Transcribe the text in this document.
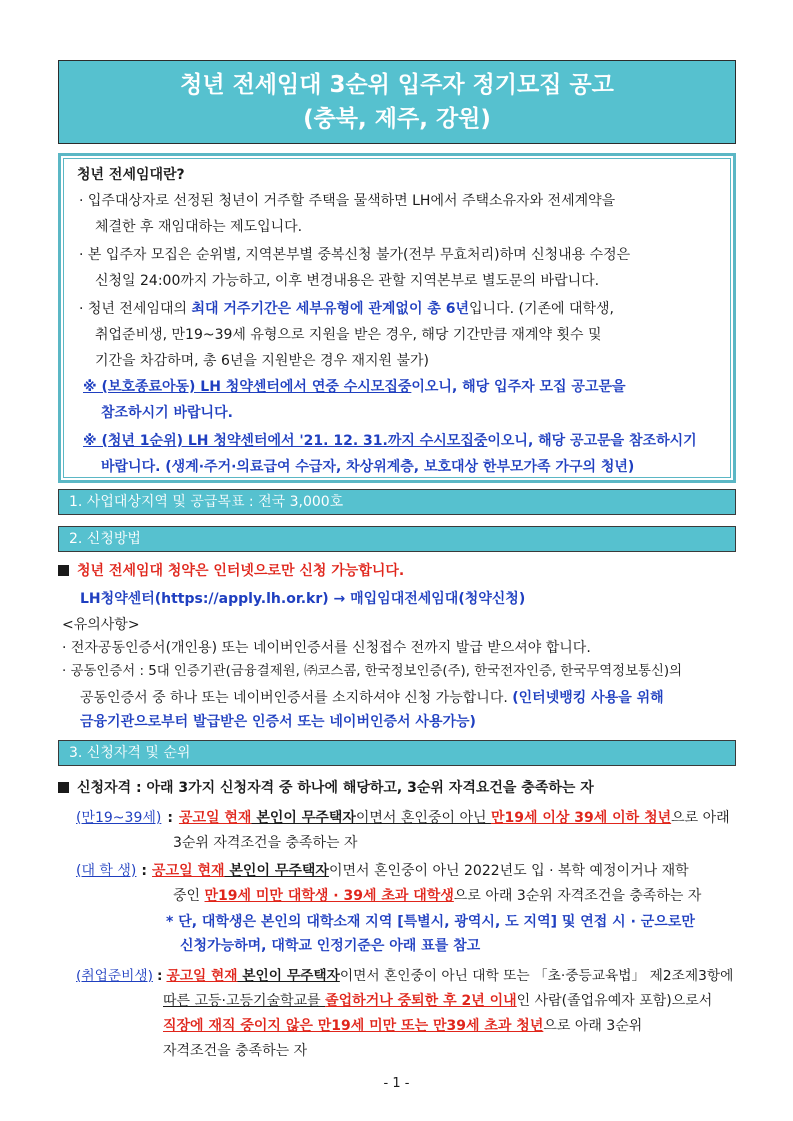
청년 전세임대 3순위 입주자 정기모집 공고
(충북, 제주, 강원)
청년 전세임대란?
· 입주대상자로 선정된 청년이 거주할 주택을 물색하면 LH에서 주택소유자와 전세계약을
체결한 후 재임대하는 제도입니다.
· 본 입주자 모집은 순위별, 지역본부별 중복신청 불가(전부 무효처리)하며 신청내용 수정은
신청일 24:00까지 가능하고, 이후 변경내용은 관할 지역본부로 별도문의 바랍니다.
· 청년 전세임대의 최대 거주기간은 세부유형에 관계없이 총 6년입니다. (기존에 대학생,
취업준비생, 만19~39세 유형으로 지원을 받은 경우, 해당 기간만큼 재계약 횟수 및
기간을 차감하며, 총 6년을 지원받은 경우 재지원 불가)
※ (보호종료아동) LH 청약센터에서 연중 수시모집중이오니, 해당 입주자 모집 공고문을
참조하시기 바랍니다.
※ (청년 1순위) LH 청약센터에서 '21. 12. 31.까지 수시모집중이오니, 해당 공고문을 참조하시기
바랍니다. (생계·주거·의료급여 수급자, 차상위계층, 보호대상 한부모가족 가구의 청년)
1. 사업대상지역 및 공급목표 : 전국 3,000호
2. 신청방법
청년 전세임대 청약은 인터넷으로만 신청 가능합니다.
LH청약센터(https://apply.lh.or.kr) → 매입임대전세임대(청약신청)
<유의사항>
· 전자공동인증서(개인용) 또는 네이버인증서를 신청접수 전까지 발급 받으셔야 합니다.
· 공동인증서 : 5대 인증기관(금융결제원, ㈜코스콤, 한국정보인증(주), 한국전자인증, 한국무역정보통신)의
공동인증서 중 하나 또는 네이버인증서를 소지하셔야 신청 가능합니다. (인터넷뱅킹 사용을 위해
금융기관으로부터 발급받은 인증서 또는 네이버인증서 사용가능)
3. 신청자격 및 순위
신청자격 : 아래 3가지 신청자격 중 하나에 해당하고, 3순위 자격요건을 충족하는 자
(만19~39세) : 공고일 현재 본인이 무주택자이면서 혼인중이 아닌 만19세 이상 39세 이하 청년으로 아래
3순위 자격조건을 충족하는 자
(대 학 생) : 공고일 현재 본인이 무주택자이면서 혼인중이 아닌 2022년도 입 · 복학 예정이거나 재학
중인 만19세 미만 대학생 · 39세 초과 대학생으로 아래 3순위 자격조건을 충족하는 자
* 단, 대학생은 본인의 대학소재 지역 [특별시, 광역시, 도 지역] 및 연접 시 · 군으로만
신청가능하며, 대학교 인정기준은 아래 표를 참고
(취업준비생) : 공고일 현재 본인이 무주택자이면서 혼인중이 아닌 대학 또는 「초·중등교육법」 제2조제3항에
따른 고등·고등기술학교를 졸업하거나 중퇴한 후 2년 이내인 사람(졸업유예자 포함)으로서
직장에 재직 중이지 않은 만19세 미만 또는 만39세 초과 청년으로 아래 3순위
자격조건을 충족하는 자
- 1 -
